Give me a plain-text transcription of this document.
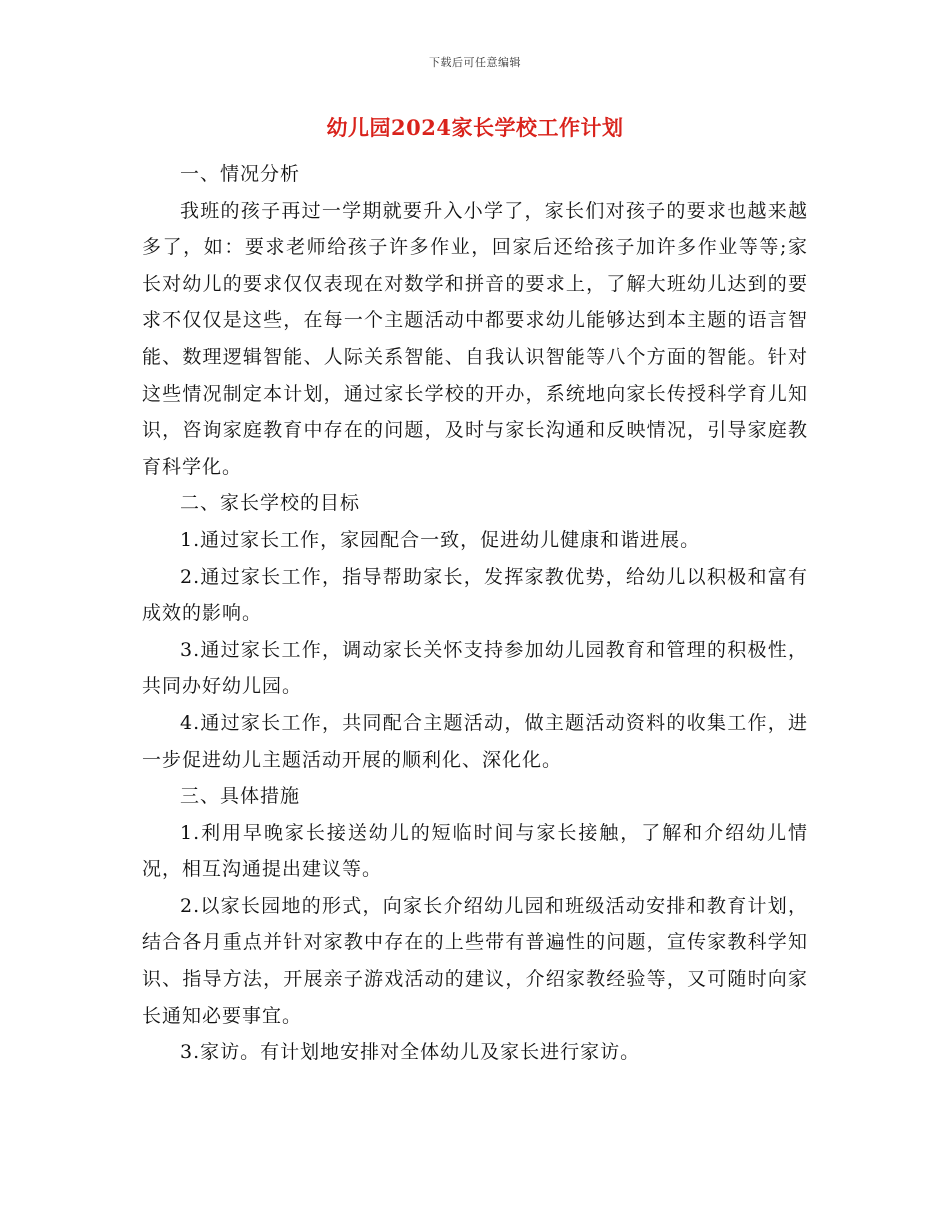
下载后可任意编辑
幼儿园2024家长学校工作计划

一、情况分析

我班的孩子再过一学期就要升入小学了，家长们对孩子的要求也越来越多了，如：要求老师给孩子许多作业，回家后还给孩子加许多作业等等;家长对幼儿的要求仅仅表现在对数学和拼音的要求上，了解大班幼儿达到的要求不仅仅是这些，在每一个主题活动中都要求幼儿能够达到本主题的语言智能、数理逻辑智能、人际关系智能、自我认识智能等八个方面的智能。针对这些情况制定本计划，通过家长学校的开办，系统地向家长传授科学育儿知识，咨询家庭教育中存在的问题，及时与家长沟通和反映情况，引导家庭教育科学化。

二、家长学校的目标

1.通过家长工作，家园配合一致，促进幼儿健康和谐进展。

2.通过家长工作，指导帮助家长，发挥家教优势，给幼儿以积极和富有成效的影响。

3.通过家长工作，调动家长关怀支持参加幼儿园教育和管理的积极性，共同办好幼儿园。

4.通过家长工作，共同配合主题活动，做主题活动资料的收集工作，进一步促进幼儿主题活动开展的顺利化、深化化。

三、具体措施

1.利用早晚家长接送幼儿的短临时间与家长接触，了解和介绍幼儿情况，相互沟通提出建议等。

2.以家长园地的形式，向家长介绍幼儿园和班级活动安排和教育计划，结合各月重点并针对家教中存在的上些带有普遍性的问题，宣传家教科学知识、指导方法，开展亲子游戏活动的建议，介绍家教经验等，又可随时向家长通知必要事宜。

3.家访。有计划地安排对全体幼儿及家长进行家访。
